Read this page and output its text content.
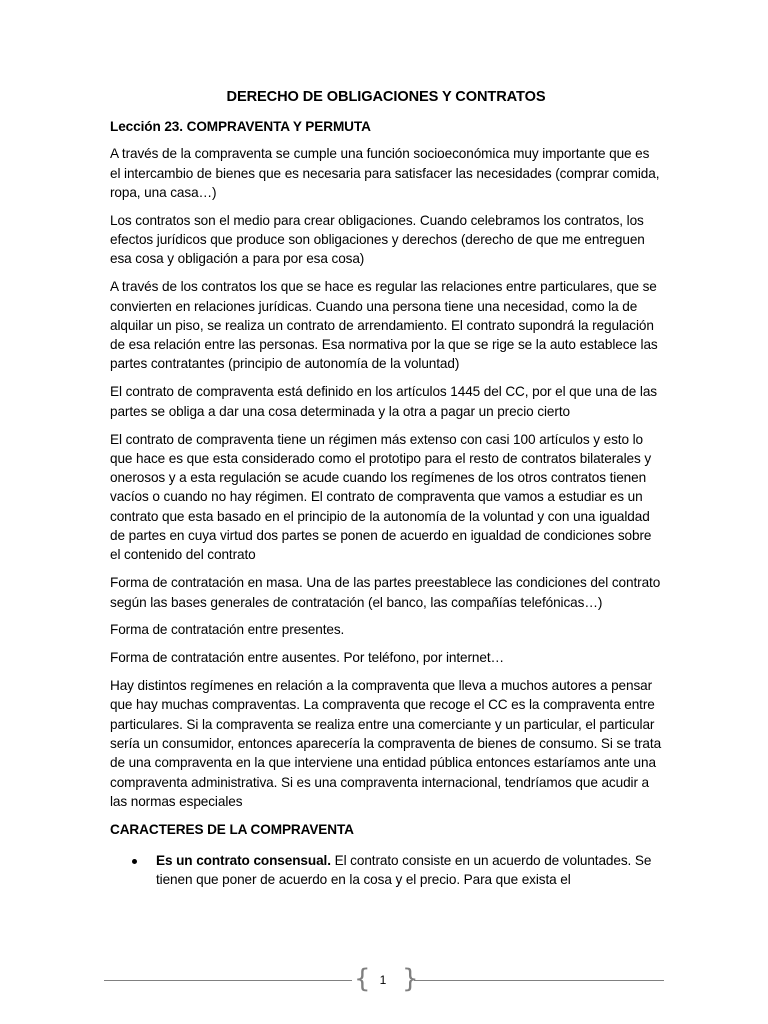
DERECHO DE OBLIGACIONES Y CONTRATOS
Lección 23. COMPRAVENTA Y PERMUTA

A través de la compraventa se cumple una función socioeconómica muy importante que es el intercambio de bienes que es necesaria para satisfacer las necesidades (comprar comida, ropa, una casa…)

Los contratos son el medio para crear obligaciones. Cuando celebramos los contratos, los efectos jurídicos que produce son obligaciones y derechos (derecho de que me entreguen esa cosa y obligación a para por esa cosa)

A través de los contratos los que se hace es regular las relaciones entre particulares, que se convierten en relaciones jurídicas. Cuando una persona tiene una necesidad, como la de alquilar un piso, se realiza un contrato de arrendamiento. El contrato supondrá la regulación de esa relación entre las personas. Esa normativa por la que se rige se la auto establece las partes contratantes (principio de autonomía de la voluntad)

El contrato de compraventa está definido en los artículos 1445 del CC, por el que una de las partes se obliga a dar una cosa determinada y la otra a pagar un precio cierto

El contrato de compraventa tiene un régimen más extenso con casi 100 artículos y esto lo que hace es que esta considerado como el prototipo para el resto de contratos bilaterales y onerosos y a esta regulación se acude cuando los regímenes de los otros contratos tienen vacíos o cuando no hay régimen. El contrato de compraventa que vamos a estudiar es un contrato que esta basado en el principio de la autonomía de la voluntad y con una igualdad de partes en cuya virtud dos partes se ponen de acuerdo en igualdad de condiciones sobre el contenido del contrato

Forma de contratación en masa. Una de las partes preestablece las condiciones del contrato según las bases generales de contratación (el banco, las compañías telefónicas…)

Forma de contratación entre presentes.

Forma de contratación entre ausentes. Por teléfono, por internet…

Hay distintos regímenes en relación a la compraventa que lleva a muchos autores a pensar que hay muchas compraventas. La compraventa que recoge el CC es la compraventa entre particulares. Si la compraventa se realiza entre una comerciante y un particular, el particular sería un consumidor, entonces aparecería la compraventa de bienes de consumo. Si se trata de una compraventa en la que interviene una entidad pública entonces estaríamos ante una compraventa administrativa. Si es una compraventa internacional, tendríamos que acudir a las normas especiales

CARACTERES DE LA COMPRAVENTA
Es un contrato consensual. El contrato consiste en un acuerdo de voluntades. Se tienen que poner de acuerdo en la cosa y el precio. Para que exista el
{ 1 }
